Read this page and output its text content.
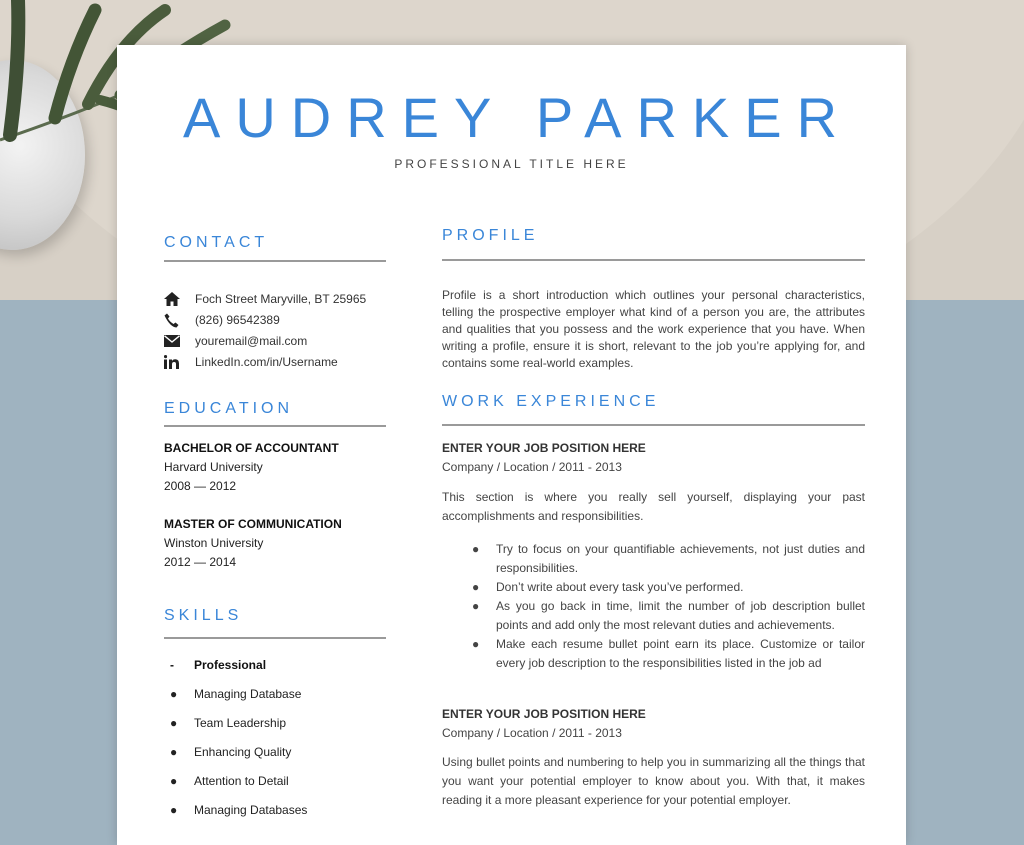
AUDREY PARKER
PROFESSIONAL TITLE HERE
CONTACT
Foch Street Maryville, BT 25965
(826) 96542389
youremail@mail.com
LinkedIn.com/in/Username
EDUCATION
BACHELOR OF ACCOUNTANT
Harvard University
2008 — 2012
MASTER OF COMMUNICATION
Winston University
2012 — 2014
SKILLS
-	Professional
●	Managing Database
●	Team Leadership
●	Enhancing Quality
●	Attention to Detail
●	Managing Databases
PROFILE
Profile is a short introduction which outlines your personal characteristics, telling the prospective employer what kind of a person you are, the attributes and qualities that you possess and the work experience that you have. When writing a profile, ensure it is short, relevant to the job you’re applying for, and contains some real-world examples.
WORK EXPERIENCE
ENTER YOUR JOB POSITION HERE
Company / Location / 2011 - 2013
This section is where you really sell yourself, displaying your past accomplishments and responsibilities.
● Try to focus on your quantifiable achievements, not just duties and responsibilities.
● Don’t write about every task you’ve performed.
● As you go back in time, limit the number of job description bullet points and add only the most relevant duties and achievements.
● Make each resume bullet point earn its place. Customize or tailor every job description to the responsibilities listed in the job ad
ENTER YOUR JOB POSITION HERE
Company / Location / 2011 - 2013
Using bullet points and numbering to help you in summarizing all the things that you want your potential employer to know about you. With that, it makes reading it a more pleasant experience for your potential employer.
